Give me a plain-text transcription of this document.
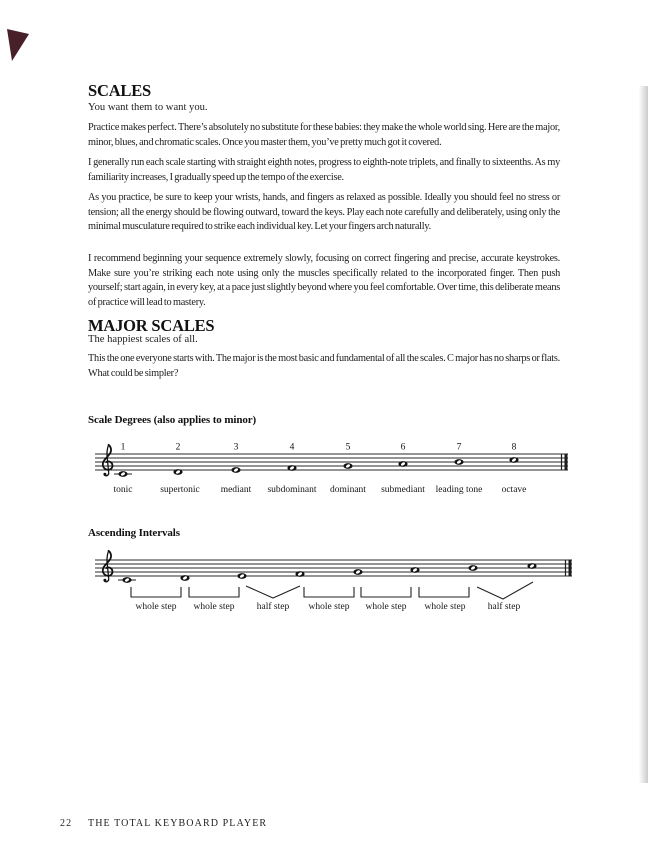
SCALES
You want them to want you.

Practice makes perfect. There’s absolutely no substitute for these babies: they make the whole world sing. Here are the major, minor, blues, and chromatic scales. Once you master them, you’ve pretty much got it covered.

I generally run each scale starting with straight eighth notes, progress to eighth-note triplets, and finally to sixteenths. As my familiarity increases, I gradually speed up the tempo of the exercise.

As you practice, be sure to keep your wrists, hands, and fingers as relaxed as possible. Ideally you should feel no stress or tension; all the energy should be flowing outward, toward the keys. Play each note carefully and deliberately, using only the minimal musculature required to strike each individual key. Let your fingers arch naturally.

I recommend beginning your sequence extremely slowly, focusing on correct fingering and precise, accurate keystrokes. Make sure you’re striking each note using only the muscles specifically related to the incorporated finger. Then push yourself; start again, in every key, at a pace just slightly beyond where you feel comfortable. Over time, this deliberate means of practice will lead to mastery.

MAJOR SCALES
The happiest scales of all.

This the one everyone starts with. The major is the most basic and fundamental of all the scales. C major has no sharps or flats. What could be simpler?

Scale Degrees (also applies to minor)
1	2	3	4	5	6	7	8
tonic	supertonic mediant subdominant dominant submediant leading tone octave
Ascending Intervals
whole step whole step half step whole step whole step whole step half step
22 THE TOTAL KEYBOARD PLAYER
